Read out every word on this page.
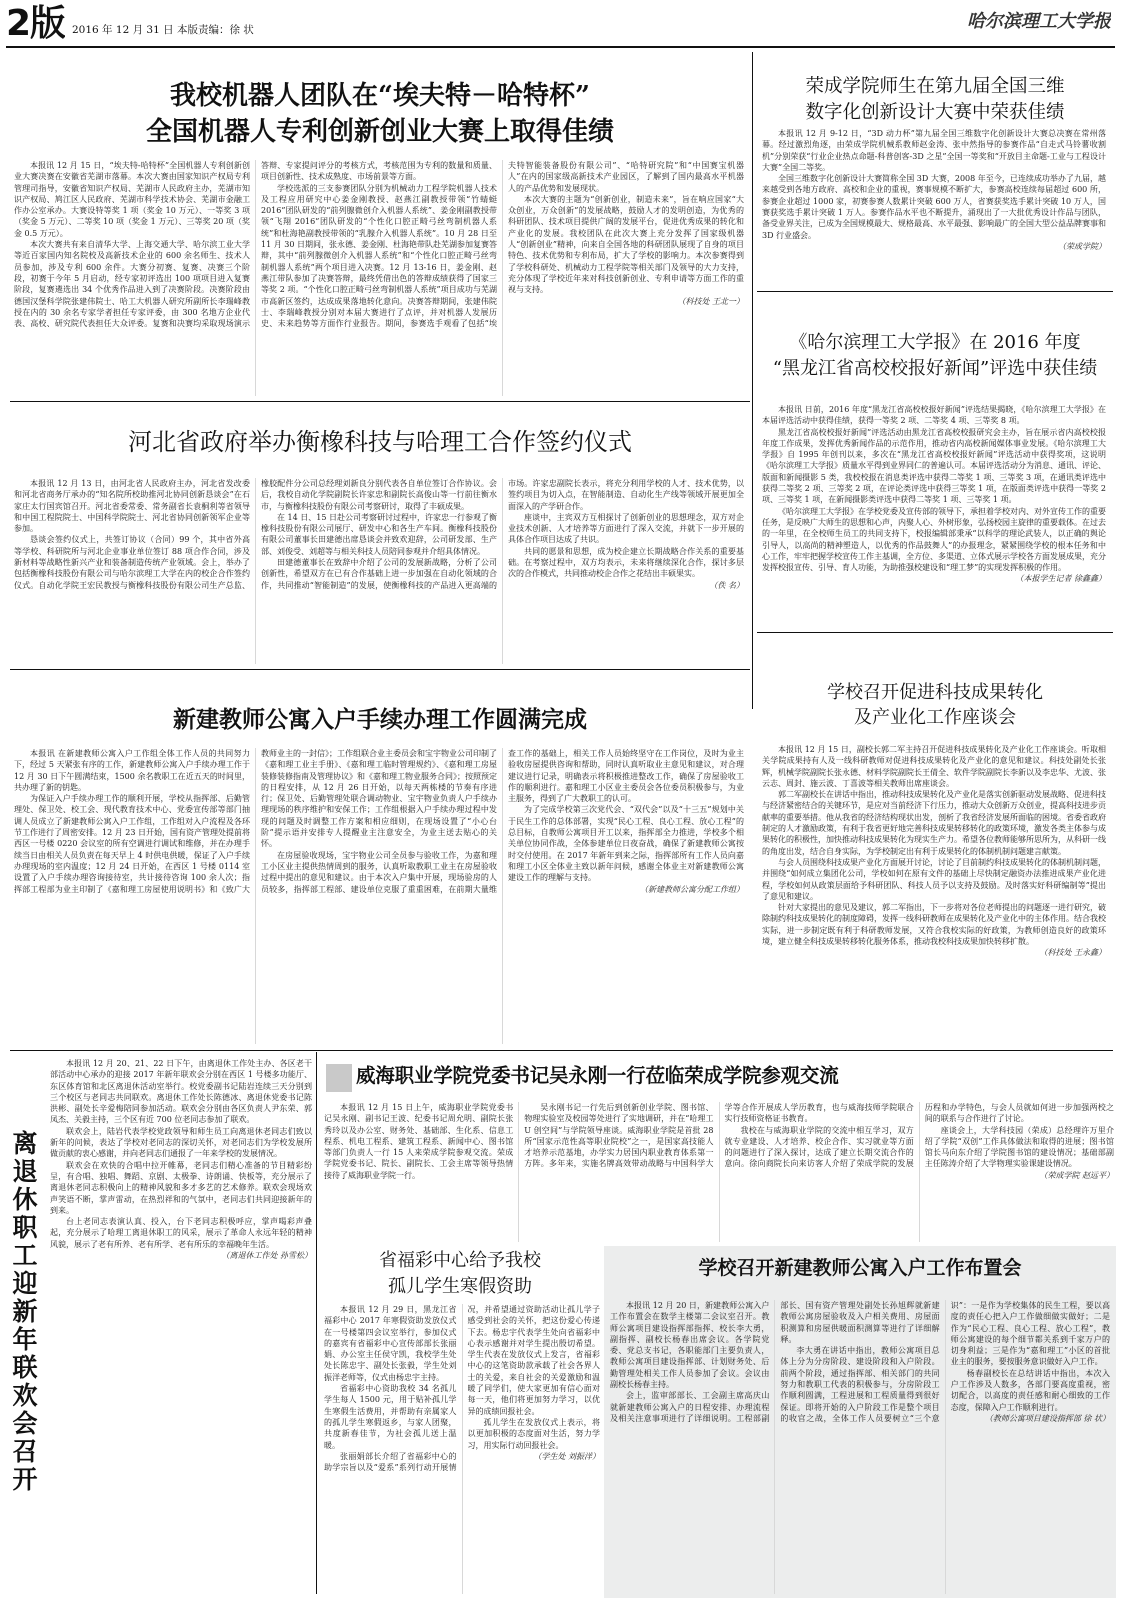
2版 2016 年 12 月 31 日 本版责编：徐 状	哈尔滨理工大学报
我校机器人团队在“埃夫特－哈特杯”
全国机器人专利创新创业大赛上取得佳绩

本报讯 12 月 15 日，“埃夫特-哈特杯”全国机器人专利创新创业大赛决赛在安徽省芜湖市落幕。本次大赛由国家知识产权局专利管理司指导，安徽省知识产权局、芜湖市人民政府主办，芜湖市知识产权局、鸠江区人民政府、芜湖市科学技术协会、芜湖市金融工作办公室承办。大赛设特等奖 1 项（奖金 10 万元）、一等奖 3 项（奖金 5 万元）、二等奖 10 项（奖金 1 万元）、三等奖 20 项（奖金 0.5 万元）。

本次大赛共有来自清华大学、上海交通大学、哈尔滨工业大学等近百家国内知名院校及高新技术企业的 600 余名师生、技术人员参加，涉及专利 600 余件。大赛分初赛、复赛、决赛三个阶段，初赛于今年 5 月启动，经专家初评选出 100 项项目进入复赛阶段，复赛遴选出 34 个优秀作品进入到了决赛阶段。决赛阶段由德国汉堡科学院张建伟院士、哈工大机器人研究所副所长李瑞峰教授在内的 30 余名专家学者担任专家评委，由 300 名地方企业代表、高校、研究院代表担任大众评委。复赛和决赛均采取现场演示答辩、专家提问评分的考核方式，考核范围为专利的数量和质量、项目创新性、技术成熟度、市场前景等方面。

学校选派的三支参赛团队分别为机械动力工程学院机器人技术及工程应用研究中心姜金刚教授、赵燕江副教授带领“竹蜻蜓 2016”团队研发的“前列腺微创介入机器人系统”、姜金刚副教授带领“飞翔 2016”团队研发的“个性化口腔正畸弓丝弯制机器人系统”和杜海艳副教授带领的“乳腺介入机器人系统”。10 月 28 日至 11 月 30 日期间，张永德、姜金刚、杜海艳带队赴芜湖参加复赛答辩，其中“前列腺微创介入机器人系统”和“个性化口腔正畸弓丝弯制机器人系统”两个项目进入决赛。12 月 13-16 日，姜金刚、赵燕江带队参加了决赛答辩，最终凭借出色的答辩成绩获得了国家三等奖 2 项。“个性化口腔正畸弓丝弯制机器人系统”项目成功与芜湖市高新区签约，达成成果落地转化意向。决赛答辩期间，张建伟院士、李瑞峰教授分别对本届大赛进行了点评，并对机器人发展历史、未来趋势等方面作行业报告。期间，参赛选手观看了包括“埃夫特智能装备股份有限公司”、“哈特研究院”和“中国赛宝机器人”在内的国家级高新技术产业园区，了解到了国内最高水平机器人的产品优势和发展现状。

本次大赛的主题为“创新创业，制造未来”，旨在响应国家“大众创业，万众创新”的发展战略，鼓励人才的发明创造，为优秀的科研团队、技术项目提供广阔的发展平台，促进优秀成果的转化和产业化的发展。我校团队在此次大赛上充分发挥了国家级机器人“创新创业”精神，向来自全国各地的科研团队展现了自身的项目特色、技术优势和专利布局，扩大了学校的影响力。本次参赛得到了学校科研处、机械动力工程学院等相关部门及领导的大力支持，充分体现了学校近年来对科技创新创业、专利申请等方面工作的重视与支持。

（科技处 王北一）
荣成学院师生在第九届全国三维
数字化创新设计大赛中荣获佳绩

本报讯 12 月 9-12 日，“3D 动力杯”第九届全国三维数字化创新设计大赛总决赛在常州落幕。经过激烈角逐，由荣成学院机械系教师赵金涛、张中然指导的参赛作品“自走式马铃薯收割机”分别荣获“行业企业热点命题-科普创客-3D 之星”全国一等奖和“开放目主命题-工业与工程设计大赛”全国二等奖。

全国三维数字化创新设计大赛简称全国 3D 大赛，2008 年至今，已连续成功举办了九届，越来越受到各地方政府、高校和企业的重视，赛事规模不断扩大，参赛高校连续每届超过 600 所，参赛企业超过 1000 家，初赛参赛人数累计突破 600 万人，省赛获奖选手累计突破 10 万人，国赛获奖选手累计突破 1 万人。参赛作品水平也不断提升，涌现出了一大批优秀设计作品与团队，备受业界关注，已成为全国规模最大、规格最高、水平最强、影响最广的全国大型公益品牌赛事和 3D 行业盛会。

（荣成学院）
《哈尔滨理工大学报》在 2016 年度
“黑龙江省高校校报好新闻”评选中获佳绩

本报讯 日前，2016 年度“黑龙江省高校校报好新闻”评选结果揭晓，《哈尔滨理工大学报》在本届评选活动中获得佳绩，获得一等奖 2 项、二等奖 4 项、三等奖 8 项。

黑龙江省高校校报好新闻”评选活动由黑龙江省高校校报研究会主办，旨在展示省内高校校报年度工作成果，发挥优秀新闻作品的示范作用，推动省内高校新闻媒体事业发展。《哈尔滨理工大学报》自 1995 年创刊以来，多次在“黑龙江省高校校报好新闻”评选活动中获得奖项，这说明《哈尔滨理工大学报》质量水平得到业界同仁的普遍认可。本届评选活动分为消息、通讯、评论、版面和新闻摄影 5 类，我校校报在消息类评选中获得二等奖 1 项、三等奖 3 项，在通讯类评选中获得二等奖 2 项、三等奖 2 项，在评论类评选中获得三等奖 1 项，在版面类评选中获得一等奖 2 项、三等奖 1 项，在新闻摄影类评选中获得二等奖 1 项、三等奖 1 项。

《哈尔滨理工大学报》在学校党委及宣传部的领导下，承担着学校对内、对外宣传工作的重要任务，是反映广大师生的思想和心声，内聚人心、外树形象，弘扬校园主旋律的重要载体。在过去的一年里，在全校师生员工的共同支持下，校报编辑部秉承“以科学的理论武装人，以正确的舆论引导人，以高尚的精神塑造人，以优秀的作品鼓舞人”的办报理念，紧紧围绕学校的根本任务和中心工作，牢牢把握学校宣传工作主基调，全方位、多渠道、立体式展示学校各方面发展成果，充分发挥校报宣传、引导、育人功能，为助推强校建设和“理工梦”的实现发挥积极的作用。

（本报学生记者 徐鑫鑫）
河北省政府举办衡橡科技与哈理工合作签约仪式

本报讯 12 月 13 日，由河北省人民政府主办，河北省发改委和河北省商务厅承办的“知名院所校助推河北协同创新恳谈会”在石家庄太行国宾馆召开。河北省委常委、常务副省长袁桐利等省领导和中国工程院院士、中国科学院院士、河北省协同创新领军企业等参加。

恳谈会签约仪式上，共签订协议（合同）99 个，其中省外高等学校、科研院所与河北企业事业单位签订 88 项合作合同，涉及新材料等战略性新兴产业和装备制造传统产业领域。会上，举办了包括衡橡科技股份有限公司与哈尔滨理工大学在内的校企合作签约仪式。自动化学院王宏民教授与衡橡科技股份有限公司生产总监、橡胶配件分公司总经理刘新良分别代表各自单位签订合作协议。会后，我校自动化学院副院长许家忠和副院长高俊山等一行前往衡水市，与衡橡科技股份有限公司考察研讨，取得了丰硕成果。

在 14 日、15 日赴公司考察研讨过程中，许家忠一行参观了衡橡科技股份有限公司展厅、研发中心和各生产车间。衡橡科技股份有限公司董事长田建德出席恳谈会并致欢迎辞，公司研发部、生产部、刘俊受、刘超等与相关科技人员陪同参观并介绍具体情况。

田建德董事长在致辞中介绍了公司的发展新战略，分析了公司创新性，希望双方在已有合作基础上进一步加强在自动化领域的合作，共同推动“智能制造”的发展，使衡橡科技的产品进入更高端的市场。许家忠副院长表示，将充分利用学校的人才、技术优势，以签约项目为切入点，在智能制造、自动化生产线等领域开展更加全面深入的产学研合作。

座谈中，主宾双方互相探讨了创新创业的思想理念，双方对企业技术创新、人才培养等方面进行了深入交流，并就下一步开展的具体合作项目达成了共识。

共同的愿景和思想，成为校企建立长期战略合作关系的重要基础。在考察过程中，双方均表示，未来将继续深化合作，探讨多层次的合作模式，共同推动校企合作之花结出丰硕果实。

（佚 名）
学校召开促进科技成果转化
及产业化工作座谈会

本报讯 12 月 15 日，副校长郭二军主持召开促进科技成果转化及产业化工作座谈会。听取相关学院成果持有人及一线科研教师对促进科技成果转化及产业化的意见和建议。科技处副处长张辉，机械学院副院长张永德、材料学院副院长王倩全、软件学院副院长李新以及李忠华、尤波、张云志、周封、施云波、丁喜波等相关教师出席座谈会。

郭二军副校长在讲话中指出，推动科技成果转化及产业化是落实创新驱动发展战略、促进科技与经济紧密结合的关键环节，是应对当前经济下行压力，推动大众创新万众创业，提高科技进步贡献率的重要举措。他从我省的经济结构现状出发，剖析了我省经济发展所面临的困境。省委省政府制定的人才激励政策，有利于我省更好地完善科技成果转移转化的政策环境，激发各类主体参与成果转化的积极性，加快推动科技成果转化为现实生产力。希望各位教师能够所思所为，从科研一线的角度出发，结合自身实际，为学校制定出有利于成果转化的体制机制问题建言献策。

与会人员围绕科技成果产业化方面展开讨论，讨论了目前制约科技成果转化的体制机制问题，并围绕“如何成立集团化公司，学校如何在原有文件的基础上尽快制定融资办法推进成果产业化进程，学校如何从政策层面给予科研团队、科技人员予以支持及鼓励。及时落实好科研编制等”提出了意见和建议。

针对大家提出的意见及建议，郭二军指出，下一步将对各位老师提出的问题逐一进行研究，破除制约科技成果转化的制度障碍，发挥一线科研教师在成果转化及产业化中的主体作用。结合我校实际，进一步制定既有利于科研教师发展，又符合我校实际的好政策，为教师创造良好的政策环境，建立健全科技成果转移转化服务体系，推动我校科技成果加快转移扩散。

（科技处 王永鑫）
新建教师公寓入户手续办理工作圆满完成

本报讯 在新建教师公寓入户工作组全体工作人员的共同努力下，经过 5 天紧张有序的工作，新建教师公寓入户手续办理工作于 12 月 30 日下午圆满结束，1500 余名教职工在近五天的时间里，共办理了新的钥匙。

为保证入户手续办理工作的顺利开展，学校从指挥部、后勤管理处、保卫处、校工会、现代教育技术中心、党委宣传部等部门抽调人员成立了新建教师公寓入户工作组，工作组对入户流程及各环节工作进行了周密安排。12 月 23 日开始，国有资产管理处提前将西区一号楼 0220 会议室的所有空调进行调试和维修，并在办理手续当日由相关人员负责在每天早上 4 时供电供暖，保证了入户手续办理现场的室内温度；12 月 24 日开始，在西区 1 号楼 0114 室设置了入户手续办理咨询接待室，共计接待咨询 100 余人次；指挥部工程部为业主印制了《嘉和理工房屋使用说明书》和《致广大教师业主的一封信》；工作组联合业主委员会和宝宇物业公司印制了《嘉和理工业主手册》、《嘉和理工临时管理规约》、《嘉和理工房屋装修装修指南及管理协议》和《嘉和理工物业服务合同》；按照预定的日程安排，从 12 月 26 日开始，以每天两栋楼的节奏有序进行；保卫处、后勤管理处联合调动物业、宝宇物业负责人户手续办理现场的秩序维护和安保工作；工作组根据入户手续办理过程中发现的问题及时调整工作方案和相应细则，在现场设置了“小心台阶”提示语并安排专人提醒业主注意安全，为业主送去贴心的关怀。

在房屋验收现场，宝宇物业公司全员参与验收工作，为嘉和理工小区业主提供热情周到的服务，认真听取教职工业主在房屋验收过程中提出的意见和建议。由于本次入户集中开展，现场验房的人员较多，指挥部工程部、建设单位克服了重重困难，在前期大量维查工作的基础上，相关工作人员始终坚守在工作岗位，及时为业主验收房屋提供咨询和帮助，同时认真听取业主意见和建议，对合理建议进行记录，明确表示将积极推进整改工作，确保了房屋验收工作的顺利进行。嘉和理工小区业主委员会各位委员积极参与，为业主服务，得到了广大教职工的认可。

为了完成学校第三次党代会、“双代会”以及“十三五”规划中关于民生工作的总体部署，实现“民心工程、良心工程、放心工程”的总目标，自教师公寓项目开工以来，指挥部全力推进，学校多个相关单位协同作战，全体参建单位日夜奋战，确保了新建教师公寓按时交付使用。在 2017 年新年到来之际，指挥部所有工作人员向嘉和理工小区全体业主致以新年问候，感谢全体业主对新建教师公寓建设工作的理解与支持。

（新建教师公寓分配工作组）
离退休职工迎新年联欢会召开

本报讯 12 月 20、21、22 日下午，由离退休工作处主办、各区老干部活动中心承办的迎接 2017 年新年联欢会分别在西区 1 号楼多功能厅、东区体育馆和北区离退休活动室举行。校党委副书记陆岩连续三天分别到三个校区与老同志共同联欢。离退休工作处长陈德冰、离退休党委书记陈洪彬、副处长辛爱梅陪同参加活动。联欢会分别由各区负责人尹东荣、郭凤杰、关毅主持，三个区有近 700 位老同志参加了联欢。

联欢会上，陆岩代表学校党政领导和师生员工向离退休老同志们致以新年的问候，表达了学校对老同志的深切关怀，对老同志们为学校发展所做贡献的衷心感谢，并向老同志们通报了一年来学校的发展情况。

联欢会在欢快的合唱中拉开帷幕，老同志们精心准备的节目精彩纷呈，有合唱、独唱、舞蹈、京剧、太极拳、诗朗诵、快板等，充分展示了离退休老同志积极向上的精神风貌和多才多艺的艺术修养。联欢会现场欢声笑语不断，掌声雷动，在热烈祥和的气氛中，老同志们共同迎接新年的到来。

台上老同志表演认真、投入，台下老同志积极呼应，掌声喝彩声叠起，充分展示了哈理工离退休职工的风采，展示了革命人永远年轻的精神风貌，展示了老有所养、老有所学、老有所乐的幸福晚年生活。

（离退休工作处 孙雪松）
威海职业学院党委书记吴永刚一行莅临荣成学院参观交流

本报讯 12 月 15 日上午，威海职业学院党委书记吴永刚、副书记王波、纪委书记周允明、副院长张秀玲以及办公室、财务处、基础部、生化系、信息工程系、机电工程系、建筑工程系、新闻中心、图书馆等部门负责人一行 15 人来荣成学院参观交流。荣成学院党委书记、院长、副院长、工会主席等领导热情接待了威海职业学院一行。

吴永刚书记一行先后到创新创业学院、图书馆、物理实验室及校园等处进行了实地调研，并在“哈理工 U 创空间”与学院领导座谈。威海职业学院是首批 28 所“国家示范性高等职业院校”之一，是国家高技能人才培养示范基地，办学实力居国内职业教育体系第一方阵。多年来，实施名牌高效带动战略与中国科学大学等合作开展成人学历教育，也与威海技师学院联合实行技师资格证书教育。

我校在与威海职业学院的交流中相互学习，双方就专业建设、人才培养、校企合作、实习就业等方面的问题进行了深入探讨，达成了建立长期交流合作的意向。徐向商院长向来访客人介绍了荣成学院的发展历程和办学特色，与会人员就如何进一步加强两校之间的联系与合作进行了讨论。

座谈会上，大学科技园（荣成）总经理许万里介绍了学院“双创”工作具体做法和取得的进展；图书馆馆长马向东介绍了学院图书馆的建设情况；基础部副主任陈涛介绍了大学物理实验课建设情况。

（荣成学院 赵远平）
省福彩中心给予我校
孤儿学生寒假资助

本报讯 12 月 29 日，黑龙江省福彩中心 2017 年寒假资助发放仪式在一号楼第四会议室举行，参加仪式的嘉宾有省福彩中心宣传部部长张丽娟、办公室主任侯守凯，我校学生处处长陈忠宇、副处长张毅，学生处刘振洋老师等，仪式由杨忠宇主持。

省福彩中心资助我校 34 名孤儿学生每人 1500 元，用于贴补孤儿学生寒假生活费用，并帮助有亲属家人的孤儿学生寒假返乡，与家人团聚，共度新春佳节，为社会孤儿送上温暖。

张丽娟部长介绍了省福彩中心的助学宗旨以及“爱系”系列行动开展情况，并希望通过资助活动让孤儿学子感受到社会的关怀，把这份爱心传递下去。杨忠宇代表学生处向省福彩中心表示感谢并对学生提出殷切希望。学生代表在发放仪式上发言，省福彩中心的这笔资助款承载了社会各界人士的关爱，来自社会的关爱激励和温暖了同学们，使大家更加有信心面对每一天，他们将更加努力学习，以优异的成绩回报社会。

孤儿学生在发放仪式上表示，将以更加积极的态度面对生活，努力学习，用实际行动回报社会。

（学生处 刘振洋）
学校召开新建教师公寓入户工作布置会

本报讯 12 月 20 日，新建教师公寓入户工作布置会在数学主楼第二会议室召开。教师公寓项目建设指挥部指挥、校长李大勇，副指挥、副校长杨春出席会议。各学院党委、党总支书记，各职能部门主要负责人，教师公寓项目建设指挥部、计划财务处、后勤管理处相关工作人员参加了会议。会议由副校长杨春主持。

会上，监审部部长、工会副主席高庆山就新建教师公寓入户的日程安排、办理流程及相关注意事项进行了详细说明。工程部副部长、国有资产管理处副处长孙旭辉就新建教师公寓房屋验收及入户相关费用、房屋面积测算和房屋供暖面积测算等进行了详细解释。

李大勇在讲话中指出，教师公寓项目总体上分为分房阶段、建设阶段和入户阶段。前两个阶段，通过指挥部、相关部门的共同努力和教职工代表的积极参与，分房阶段工作顺利圆满，工程进展和工程质量得到很好保证。即将开始的入户阶段工作是整个项目的收官之战，全体工作人员要树立“三个意识”：一是作为学校集体的民生工程，要以高度的责任心把入户工作做细做实做好；二是作为“民心工程、良心工程、放心工程”，教师公寓建设的每个细节都关系到千家万户的切身利益；三是作为“嘉和理工”小区的首批业主的服务，要按服务意识做好入户工作。

杨春副校长在总结讲话中指出，本次入户工作涉及人数多，各部门要高度重视，密切配合，以高度的责任感和耐心细致的工作态度，保障入户工作顺利进行。

（教师公寓项目建设指挥部 徐 状）
